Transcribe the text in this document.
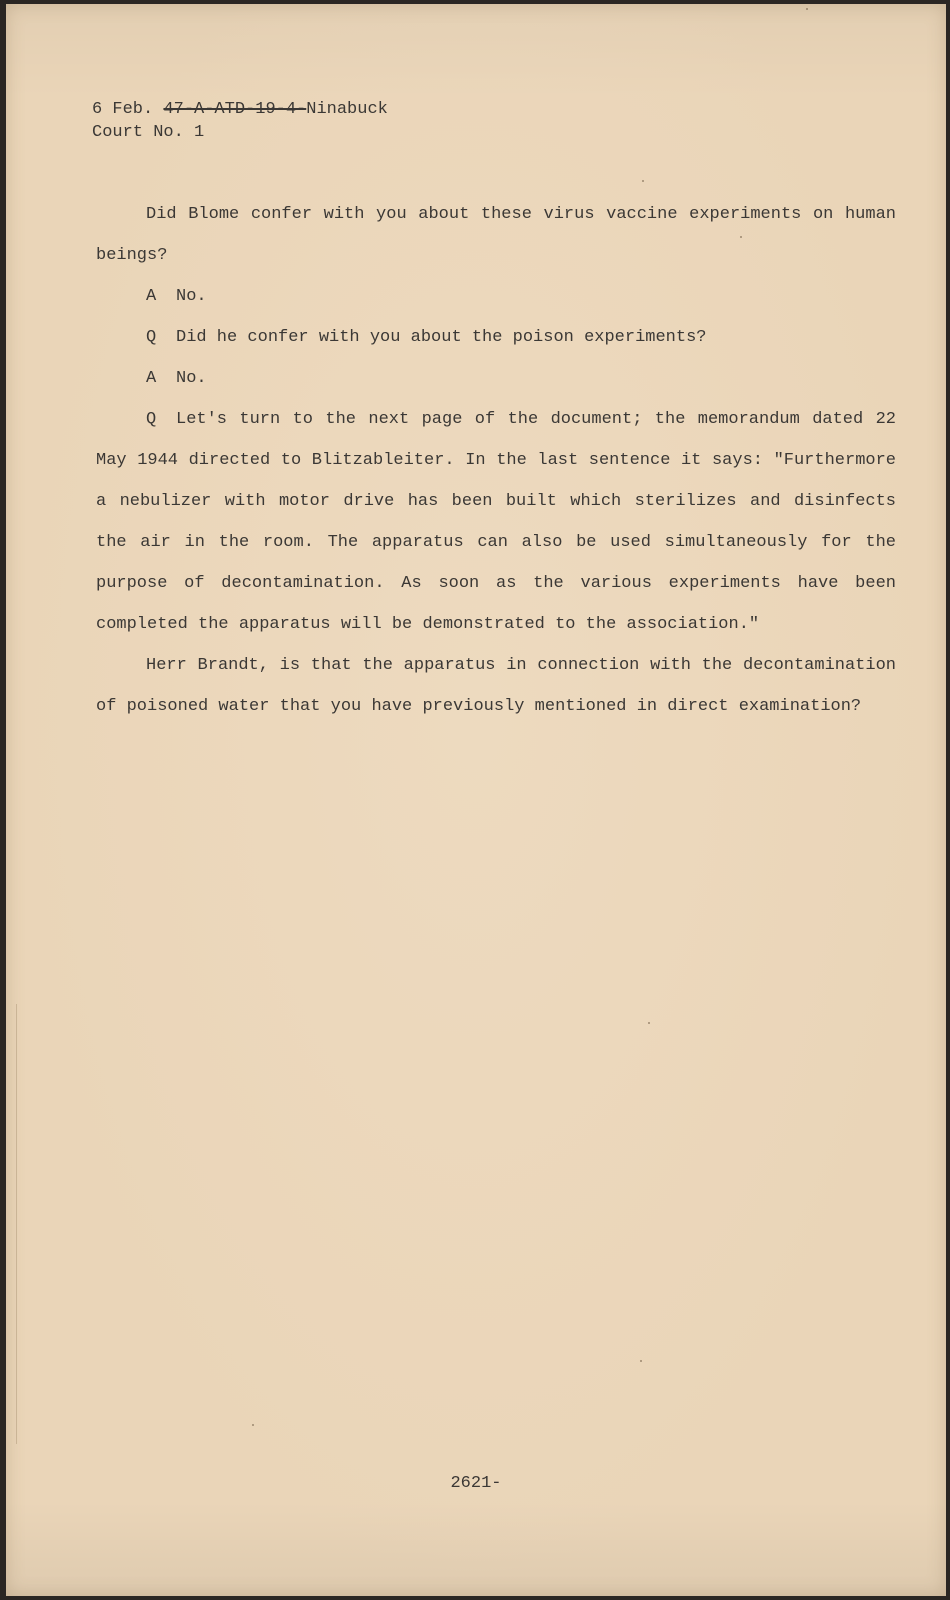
6 Feb. 47-A-ATD-19-4-Ninabuck
Court No. 1

Did Blome confer with you about these virus vaccine experiments on human beings?

A No.

Q Did he confer with you about the poison experiments?

A No.

Q Let's turn to the next page of the document; the memorandum dated 22 May 1944 directed to Blitzableiter. In the last sentence it says: "Furthermore a nebulizer with motor drive has been built which sterilizes and disinfects the air in the room. The apparatus can also be used simultaneously for the purpose of decontamination. As soon as the various experiments have been completed the apparatus will be demonstrated to the association."

Herr Brandt, is that the apparatus in connection with the decontamination of poisoned water that you have previously mentioned in direct examination?

2621-
